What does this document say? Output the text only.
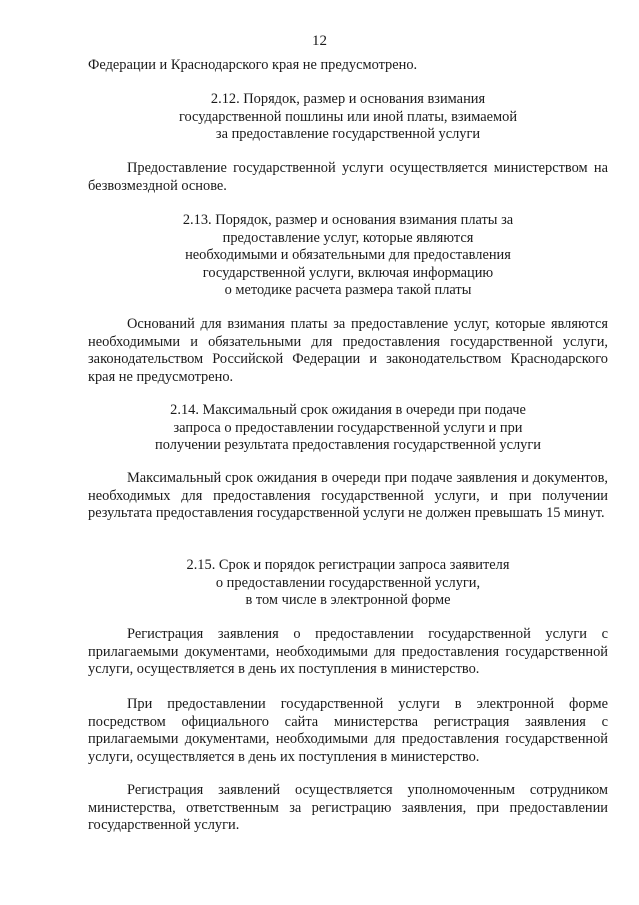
12

Федерации и Краснодарского края не предусмотрено.

2.12. Порядок, размер и основания взимания
государственной пошлины или иной платы, взимаемой
за предоставление государственной услуги

Предоставление государственной услуги осуществляется министерством на безвозмездной основе.

2.13. Порядок, размер и основания взимания платы за
предоставление услуг, которые являются
необходимыми и обязательными для предоставления
государственной услуги, включая информацию
о методике расчета размера такой платы

Оснований для взимания платы за предоставление услуг, которые являются необходимыми и обязательными для предоставления государственной услуги, законодательством Российской Федерации и законодательством Краснодарского края не предусмотрено.

2.14. Максимальный срок ожидания в очереди при подаче
запроса о предоставлении государственной услуги и при
получении результата предоставления государственной услуги

Максимальный срок ожидания в очереди при подаче заявления и документов, необходимых для предоставления государственной услуги, и при получении результата предоставления государственной услуги не должен превышать 15 минут.

2.15. Срок и порядок регистрации запроса заявителя
о предоставлении государственной услуги,
в том числе в электронной форме

Регистрация заявления о предоставлении государственной услуги с прилагаемыми документами, необходимыми для предоставления государственной услуги, осуществляется в день их поступления в министерство.

При предоставлении государственной услуги в электронной форме посредством официального сайта министерства регистрация заявления с прилагаемыми документами, необходимыми для предоставления государственной услуги, осуществляется в день их поступления в министерство.

Регистрация заявлений осуществляется уполномоченным сотрудником министерства, ответственным за регистрацию заявления, при предоставлении государственной услуги.
